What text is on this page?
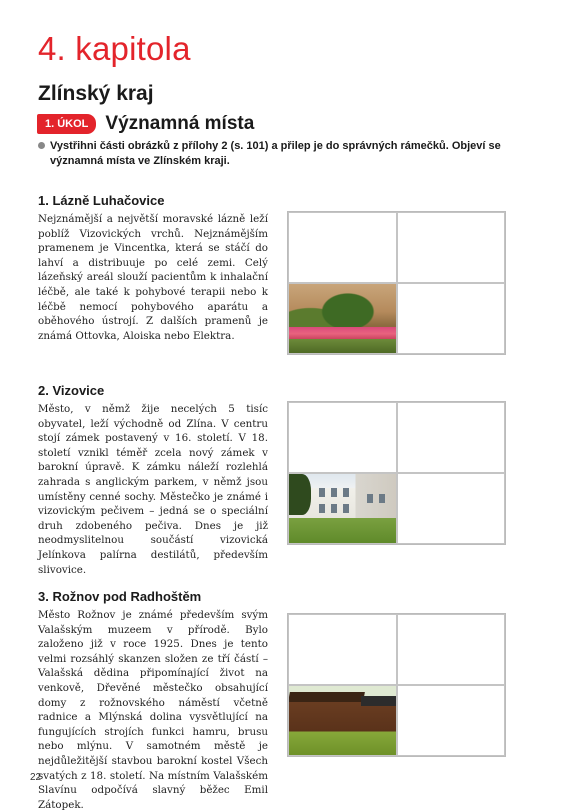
4. kapitola
Zlínský kraj
1. ÚKOL Významná místa
Vystřihni části obrázků z přílohy 2 (s. 101) a přilep je do správných rámečků. Objeví se významná místa ve Zlínském kraji.
1. Lázně Luhačovice

Nejznámější a největší moravské lázně leží poblíž Vizovických vrchů. Nejznámějším pramenem je Vincentka, která se stáčí do lahví a distribuuje po celé zemi. Celý lázeňský areál slouží pacientům k inhalační léčbě, ale také k pohybové terapii nebo k léčbě nemocí pohybového aparátu a oběhového ústrojí. Z dalších pramenů je známá Ottovka, Aloiska nebo Elektra.

2. Vizovice

Město, v němž žije necelých 5 tisíc obyvatel, leží východně od Zlína. V centru stojí zámek postavený v 16. století. V 18. století vznikl téměř zcela nový zámek v barokní úpravě. K zámku náleží rozlehlá zahrada s anglickým parkem, v němž jsou umístěny cenné sochy. Městečko je známé i vizovickým pečivem – jedná se o speciální druh zdobeného pečiva. Dnes je již neodmyslitelnou součástí vizovická Jelínkova palírna destilátů, především slivovice.

3. Rožnov pod Radhoštěm

Město Rožnov je známé především svým Valašským muzeem v přírodě. Bylo založeno již v roce 1925. Dnes je tento velmi rozsáhlý skanzen složen ze tří částí – Valašská dědina připomínající život na venkově, Dřevěné městečko obsahující domy z rožnovského náměstí včetně radnice a Mlýnská dolina vysvětlující na fungujících strojích funkci hamru, brusu nebo mlýnu. V samotném městě je nejdůležitější stavbou barokní kostel Všech svatých z 18. století. Na místním Valašském Slavínu odpočívá slavný běžec Emil Zátopek.

22
